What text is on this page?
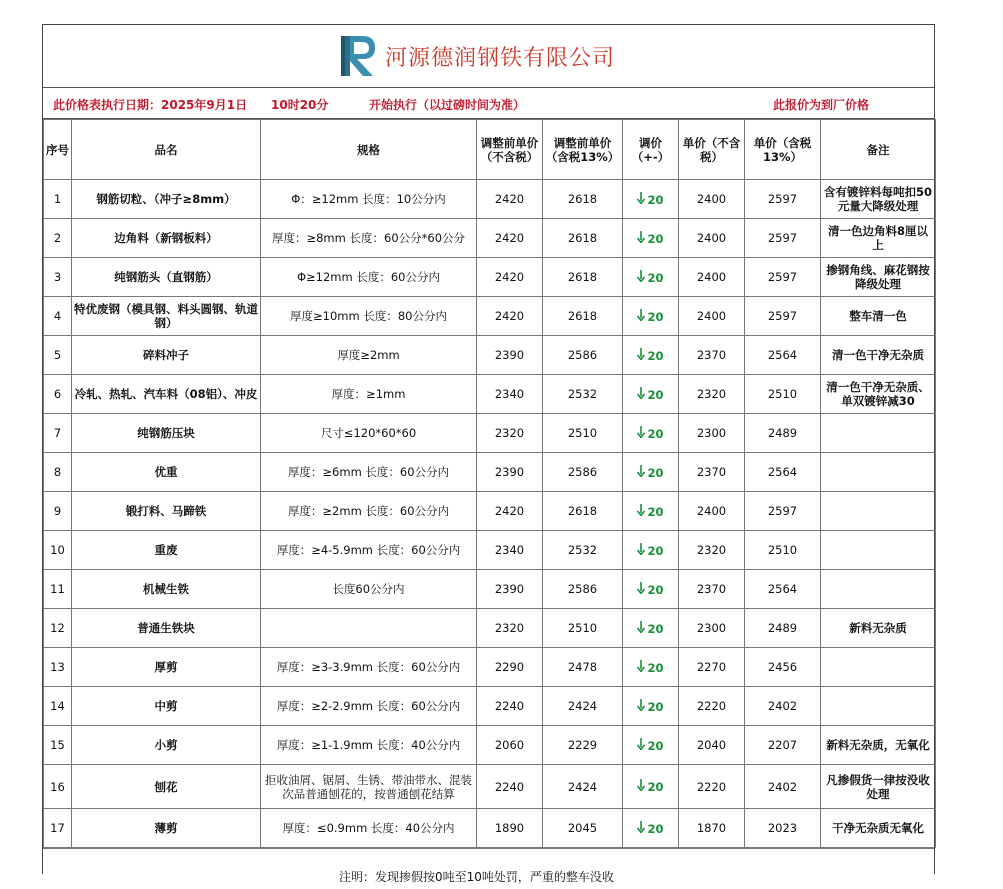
河源德润钢铁有限公司
此价格表执行日期：2025年9月1日 10时20分	开始执行（以过磅时间为准）	此报价为到厂价格
序号	品名	规格	调整前单价（不含税）	调整前单价（含税13%）	调价（+-）	单价（不含税）	单价（含税13%）	备注
1	钢筋切粒、（冲子≥8mm）	Φ：≥12mm 长度：10公分内	2420	2618	20	2400	2597	含有镀锌料每吨扣50元量大降级处理
2	边角料（新钢板料）	厚度：≥8mm 长度：60公分*60公分	2420	2618	20	2400	2597	清一色边角料8厘以上
3	纯钢筋头（直钢筋）	Φ≥12mm 长度：60公分内	2420	2618	20	2400	2597	掺钢角线、麻花钢按降级处理
4	特优废钢（模具钢、料头圆钢、轨道钢）	厚度≥10mm 长度：80公分内	2420	2618	20	2400	2597	整车清一色
5	碎料冲子	厚度≥2mm	2390	2586	20	2370	2564	清一色干净无杂质
6	冷轧、热轧、汽车料（08铝）、冲皮	厚度：≥1mm	2340	2532	20	2320	2510	清一色干净无杂质、单双镀锌减30
7	纯钢筋压块	尺寸≤120*60*60	2320	2510	20	2300	2489	
8	优重	厚度：≥6mm 长度：60公分内	2390	2586	20	2370	2564	
9	锻打料、马蹄铁	厚度：≥2mm 长度：60公分内	2420	2618	20	2400	2597	
10	重废	厚度：≥4-5.9mm 长度：60公分内	2340	2532	20	2320	2510	
11	机械生铁	长度60公分内	2390	2586	20	2370	2564	
12	普通生铁块		2320	2510	20	2300	2489	新料无杂质
13	厚剪	厚度：≥3-3.9mm 长度：60公分内	2290	2478	20	2270	2456	
14	中剪	厚度：≥2-2.9mm 长度：60公分内	2240	2424	20	2220	2402	
15	小剪	厚度：≥1-1.9mm 长度：40公分内	2060	2229	20	2040	2207	新料无杂质，无氧化
16	刨花	拒收油屑、锯屑、生锈、带油带水、混装次品普通刨花的，按普通刨花结算	2240	2424	20	2220	2402	凡掺假货一律按没收处理
17	薄剪	厚度：≤0.9mm 长度：40公分内	1890	2045	20	1870	2023	干净无杂质无氧化
注明：发现掺假按0吨至10吨处罚，严重的整车没收
